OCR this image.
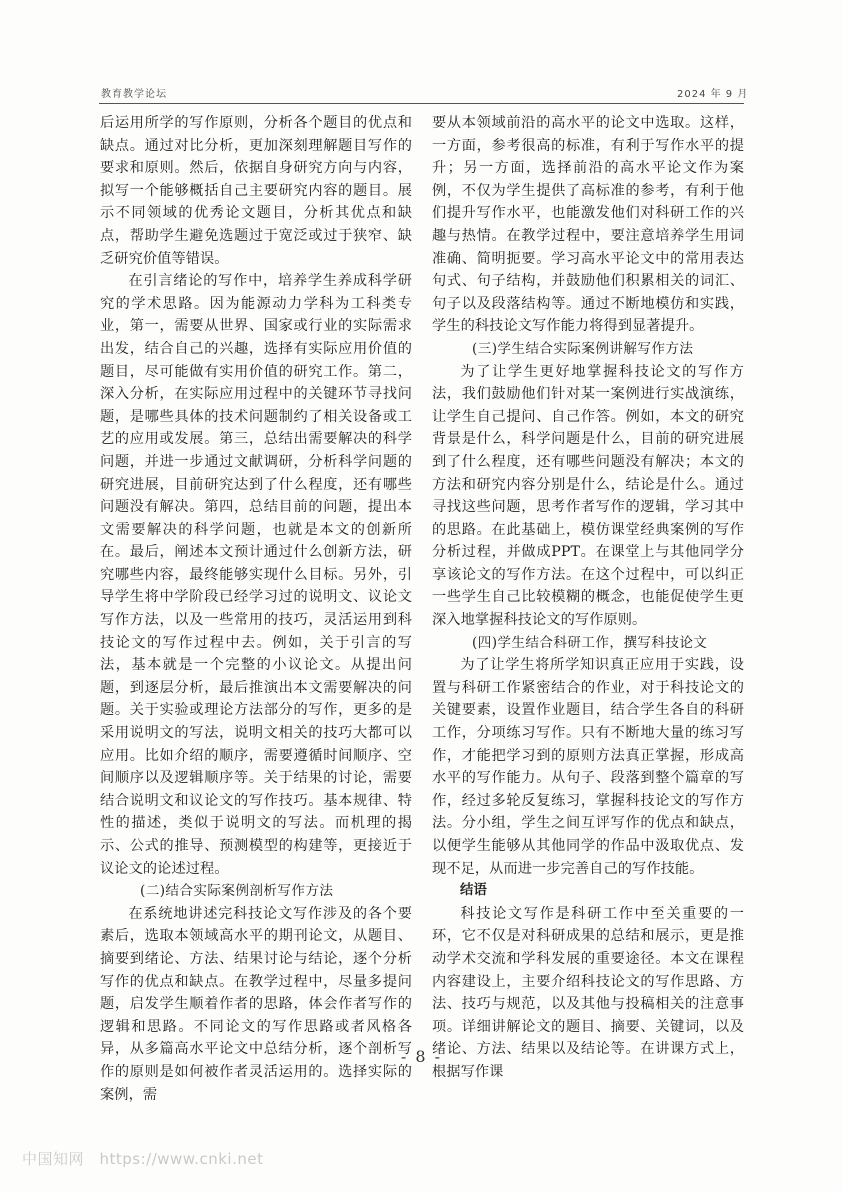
教育教学论坛	2024 年 9 月

后运用所学的写作原则，分析各个题目的优点和缺点。通过对比分析，更加深刻理解题目写作的要求和原则。然后，依据自身研究方向与内容，拟写一个能够概括自己主要研究内容的题目。展示不同领域的优秀论文题目，分析其优点和缺点，帮助学生避免选题过于宽泛或过于狭窄、缺乏研究价值等错误。

在引言绪论的写作中，培养学生养成科学研究的学术思路。因为能源动力学科为工科类专业，第一，需要从世界、国家或行业的实际需求出发，结合自己的兴趣，选择有实际应用价值的题目，尽可能做有实用价值的研究工作。第二，深入分析，在实际应用过程中的关键环节寻找问题，是哪些具体的技术问题制约了相关设备或工艺的应用或发展。第三，总结出需要解决的科学问题，并进一步通过文献调研，分析科学问题的研究进展，目前研究达到了什么程度，还有哪些问题没有解决。第四，总结目前的问题，提出本文需要解决的科学问题，也就是本文的创新所在。最后，阐述本文预计通过什么创新方法，研究哪些内容，最终能够实现什么目标。另外，引导学生将中学阶段已经学习过的说明文、议论文写作方法，以及一些常用的技巧，灵活运用到科技论文的写作过程中去。例如，关于引言的写法，基本就是一个完整的小议论文。从提出问题，到逐层分析，最后推演出本文需要解决的问题。关于实验或理论方法部分的写作，更多的是采用说明文的写法，说明文相关的技巧大都可以应用。比如介绍的顺序，需要遵循时间顺序、空间顺序以及逻辑顺序等。关于结果的讨论，需要结合说明文和议论文的写作技巧。基本规律、特性的描述，类似于说明文的写法。而机理的揭示、公式的推导、预测模型的构建等，更接近于议论文的论述过程。

(二)结合实际案例剖析写作方法

在系统地讲述完科技论文写作涉及的各个要素后，选取本领域高水平的期刊论文，从题目、摘要到绪论、方法、结果讨论与结论，逐个分析写作的优点和缺点。在教学过程中，尽量多提问题，启发学生顺着作者的思路，体会作者写作的逻辑和思路。不同论文的写作思路或者风格各异，从多篇高水平论文中总结分析，逐个剖析写作的原则是如何被作者灵活运用的。选择实际的案例，需

要从本领域前沿的高水平的论文中选取。这样，一方面，参考很高的标准，有利于写作水平的提升；另一方面，选择前沿的高水平论文作为案例，不仅为学生提供了高标准的参考，有利于他们提升写作水平，也能激发他们对科研工作的兴趣与热情。在教学过程中，要注意培养学生用词准确、简明扼要。学习高水平论文中的常用表达句式、句子结构，并鼓励他们积累相关的词汇、句子以及段落结构等。通过不断地模仿和实践，学生的科技论文写作能力将得到显著提升。

(三)学生结合实际案例讲解写作方法

为了让学生更好地掌握科技论文的写作方法，我们鼓励他们针对某一案例进行实战演练，让学生自己提问、自己作答。例如，本文的研究背景是什么，科学问题是什么，目前的研究进展到了什么程度，还有哪些问题没有解决；本文的方法和研究内容分别是什么，结论是什么。通过寻找这些问题，思考作者写作的逻辑，学习其中的思路。在此基础上，模仿课堂经典案例的写作分析过程，并做成PPT。在课堂上与其他同学分享该论文的写作方法。在这个过程中，可以纠正一些学生自己比较模糊的概念，也能促使学生更深入地掌握科技论文的写作原则。

(四)学生结合科研工作，撰写科技论文

为了让学生将所学知识真正应用于实践，设置与科研工作紧密结合的作业，对于科技论文的关键要素，设置作业题目，结合学生各自的科研工作，分项练习写作。只有不断地大量的练习写作，才能把学习到的原则方法真正掌握，形成高水平的写作能力。从句子、段落到整个篇章的写作，经过多轮反复练习，掌握科技论文的写作方法。分小组，学生之间互评写作的优点和缺点，以便学生能够从其他同学的作品中汲取优点、发现不足，从而进一步完善自己的写作技能。

结语

科技论文写作是科研工作中至关重要的一环，它不仅是对科研成果的总结和展示，更是推动学术交流和学科发展的重要途径。本文在课程内容建设上，主要介绍科技论文的写作思路、方法、技巧与规范，以及其他与投稿相关的注意事项。详细讲解论文的题目、摘要、关键词，以及绪论、方法、结果以及结论等。在讲课方式上，根据写作课

- 8 -
中国知网　https://www.cnki.net
